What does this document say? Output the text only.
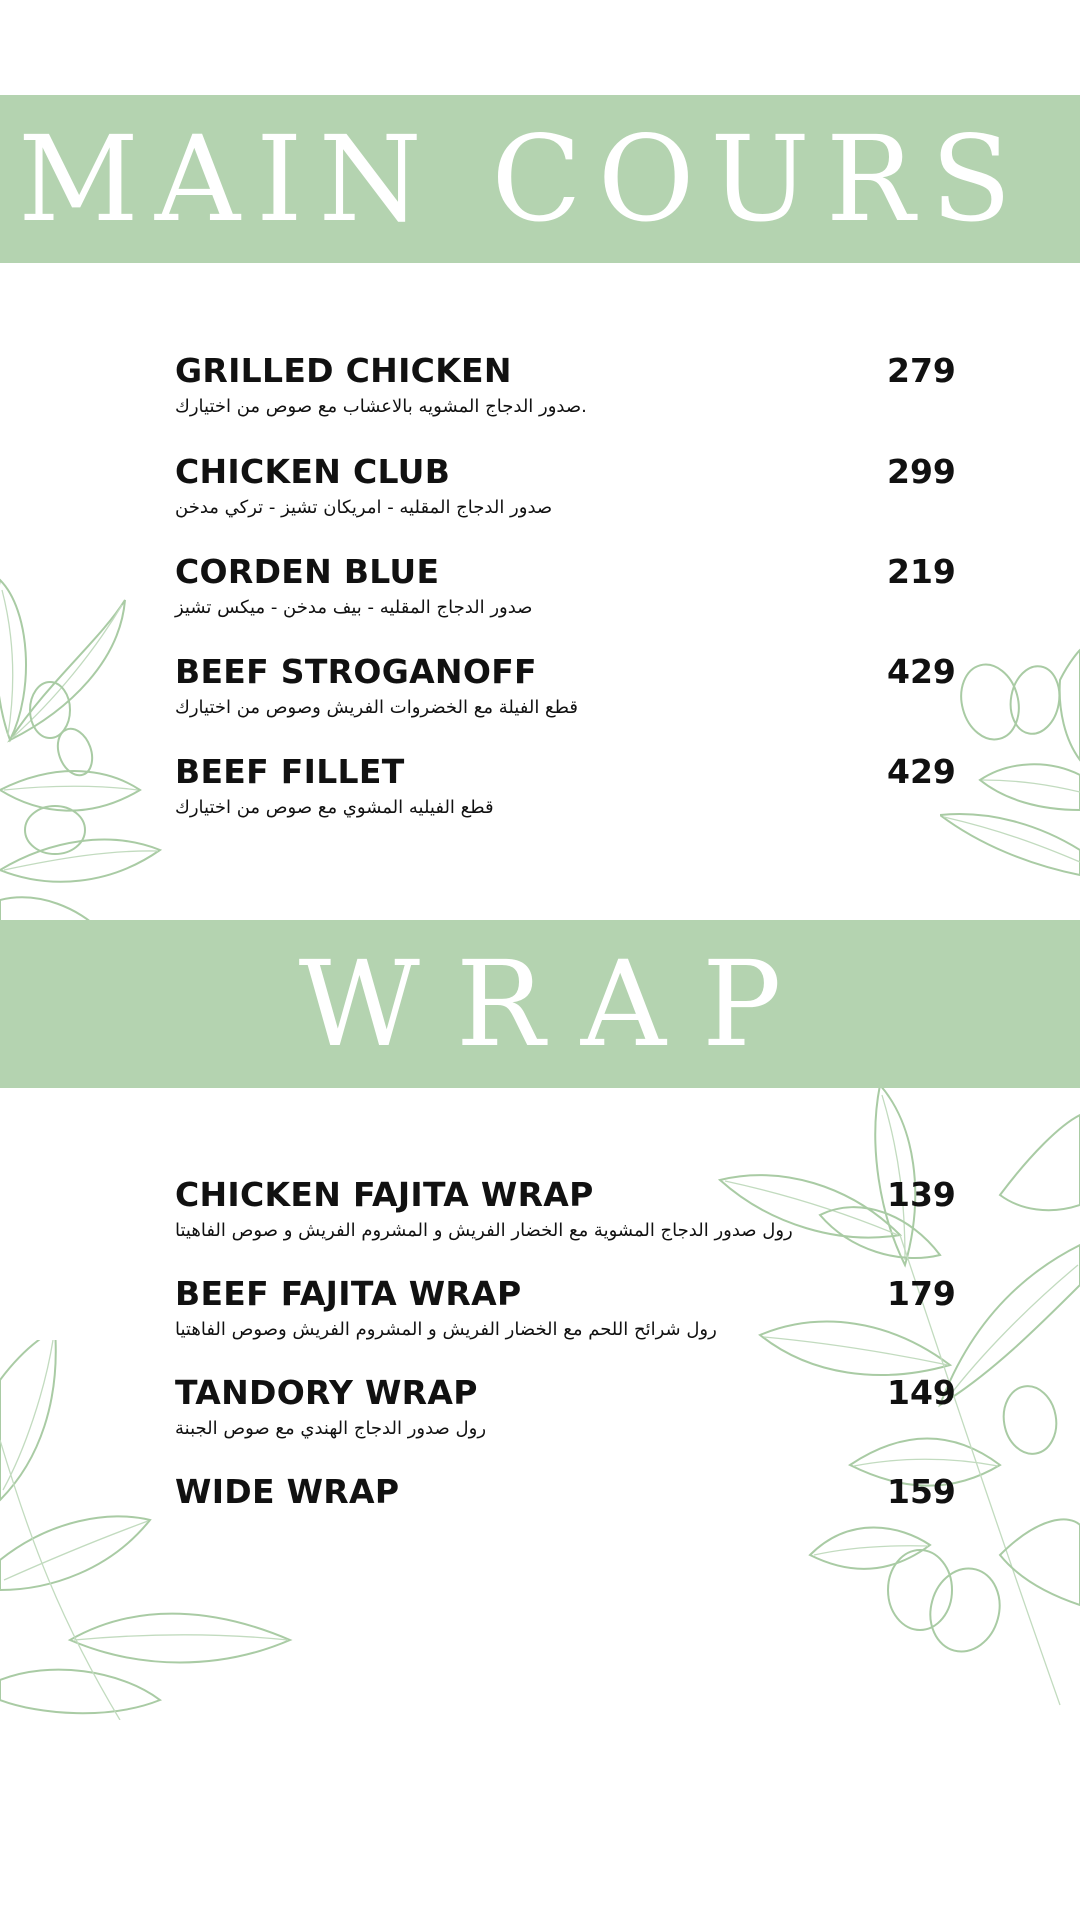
MAIN COURS
GRILLED CHICKEN
.صدور الدجاج المشويه بالاعشاب مع صوص من اختيارك
279
CHICKEN CLUB
صدور الدجاج المقليه - امريكان تشيز - تركي مدخن
299
CORDEN BLUE
صدور الدجاج المقليه - بيف مدخن - ميكس تشيز
219
BEEF STROGANOFF
قطع الفيلة مع الخضروات الفريش وصوص من اختيارك
429
BEEF FILLET
قطع الفيليه المشوي مع صوص من اختيارك
429
WRAP
CHICKEN FAJITA WRAP
رول صدور الدجاج المشوية مع الخضار الفريش و المشروم الفريش و صوص الفاهيتا
139
BEEF FAJITA WRAP
رول شرائح اللحم مع الخضار الفريش و المشروم الفريش وصوص الفاهتيا
179
TANDORY WRAP
رول صدور الدجاج الهندي مع صوص الجبنة
149
WIDE WRAP	159
